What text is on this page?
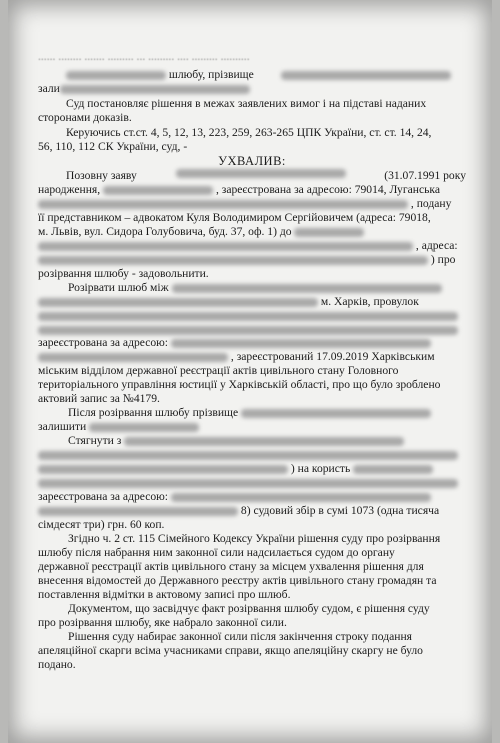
...... ........ ....... ......... ... ......... .... ......... ..........
шлюбу, прізвище
зали
Суд постановляє рішення в межах заявлених вимог і на підставі наданих
сторонами доказів.
Керуючись ст.ст. 4, 5, 12, 13, 223, 259, 263-265 ЦПК України, ст. ст. 14, 24,
56, 110, 112 СК України, суд, -
УХВАЛИВ:
Позовну заяву	(31.07.1991 року
народження,	, зареєстрована за адресою: 79014, Луганська
, подану
її представником – адвокатом Куля Володимиром Сергійовичем (адреса: 79018,
м. Львів, вул. Сидора Голубовича, буд. 37, оф. 1) до
, адреса:
) про
розірвання шлюбу - задовольнити.
Розірвати шлюб між
м. Харків, провулок
зареєстрована за адресою:
, зареєстрований 17.09.2019 Харківським
міським відділом державної реєстрації актів цивільного стану Головного
територіального управління юстиції у Харківській області, про що було зроблено
актовий запис за №4179.
Після розірвання шлюбу прізвище
залишити
Стягнути з
) на користь
зареєстрована за адресою:
8) судовий збір в сумі 1073 (одна тисяча
сімдесят три) грн. 60 коп.
Згідно ч. 2 ст. 115 Сімейного Кодексу України рішення суду про розірвання
шлюбу після набрання ним законної сили надсилається судом до органу
державної реєстрації актів цивільного стану за місцем ухвалення рішення для
внесення відомостей до Державного реєстру актів цивільного стану громадян та
поставлення відмітки в актовому записі про шлюб.
Документом, що засвідчує факт розірвання шлюбу судом, є рішення суду
про розірвання шлюбу, яке набрало законної сили.
Рішення суду набирає законної сили після закінчення строку подання
апеляційної скарги всіма учасниками справи, якщо апеляційну скаргу не було
подано.
